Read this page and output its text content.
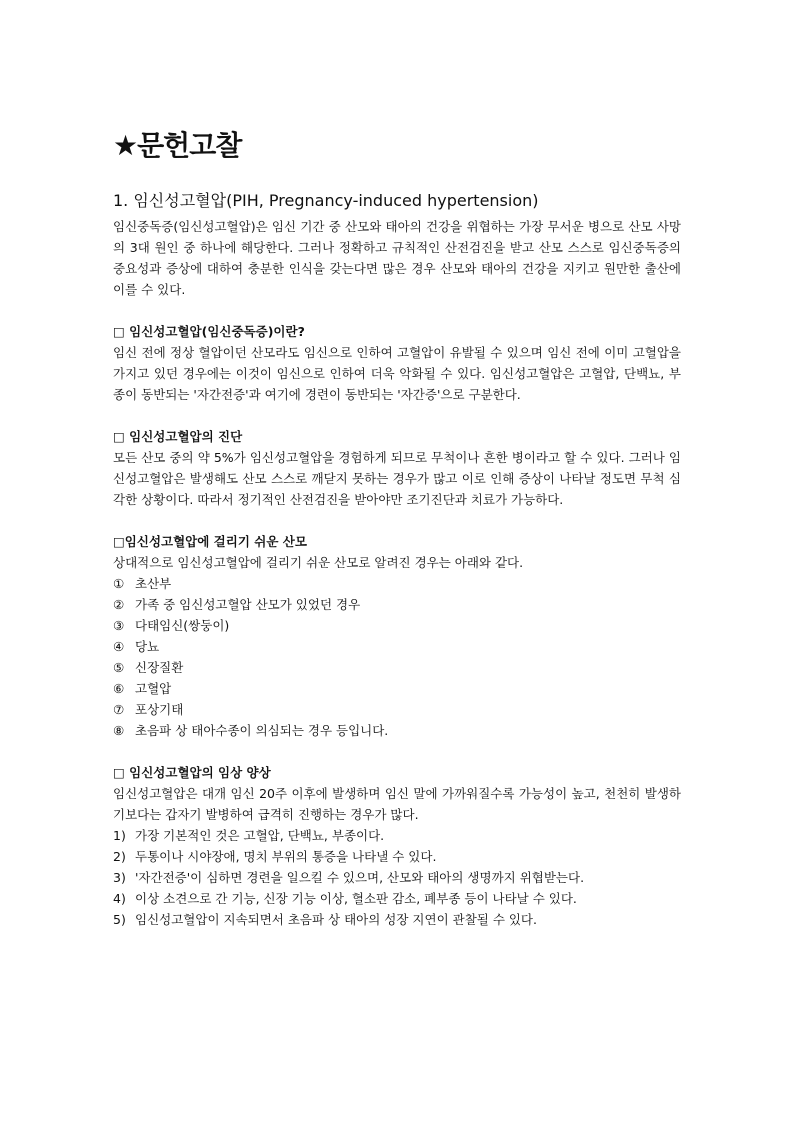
★문헌고찰
1. 임신성고혈압(PIH, Pregnancy-induced hypertension)

임신중독증(임신성고혈압)은 임신 기간 중 산모와 태아의 건강을 위협하는 가장 무서운 병으로 산모 사망의 3대 원인 중 하나에 해당한다. 그러나 정확하고 규칙적인 산전검진을 받고 산모 스스로 임신중독증의중요성과 증상에 대하여 충분한 인식을 갖는다면 많은 경우 산모와 태아의 건강을 지키고 원만한 출산에 이를 수 있다.

□ 임신성고혈압(임신중독증)이란?

임신 전에 정상 혈압이던 산모라도 임신으로 인하여 고혈압이 유발될 수 있으며 임신 전에 이미 고혈압을 가지고 있던 경우에는 이것이 임신으로 인하여 더욱 악화될 수 있다. 임신성고혈압은 고혈압, 단백뇨, 부종이 동반되는 '자간전증'과 여기에 경련이 동반되는 '자간증'으로 구분한다.

□ 임신성고혈압의 진단

모든 산모 중의 약 5%가 임신성고혈압을 경험하게 되므로 무척이나 흔한 병이라고 할 수 있다. 그러나 임신성고혈압은 발생해도 산모 스스로 깨닫지 못하는 경우가 많고 이로 인해 증상이 나타날 정도면 무척 심각한 상황이다. 따라서 정기적인 산전검진을 받아야만 조기진단과 치료가 가능하다.

□임신성고혈압에 걸리기 쉬운 산모

상대적으로 임신성고혈압에 걸리기 쉬운 산모로 알려진 경우는 아래와 같다.

① 초산부
② 가족 중 임신성고혈압 산모가 있었던 경우
③ 다태임신(쌍둥이)
④ 당뇨
⑤ 신장질환
⑥ 고혈압
⑦ 포상기태
⑧ 초음파 상 태아수종이 의심되는 경우 등입니다.

□ 임신성고혈압의 임상 양상

임신성고혈압은 대개 임신 20주 이후에 발생하며 임신 말에 가까워질수록 가능성이 높고, 천천히 발생하기보다는 갑자기 발병하여 급격히 진행하는 경우가 많다.

1) 가장 기본적인 것은 고혈압, 단백뇨, 부종이다.
2) 두통이나 시야장애, 명치 부위의 통증을 나타낼 수 있다.
3) '자간전증'이 심하면 경련을 일으킬 수 있으며, 산모와 태아의 생명까지 위협받는다.
4) 이상 소견으로 간 기능, 신장 기능 이상, 혈소판 감소, 폐부종 등이 나타날 수 있다.
5) 임신성고혈압이 지속되면서 초음파 상 태아의 성장 지연이 관찰될 수 있다.
